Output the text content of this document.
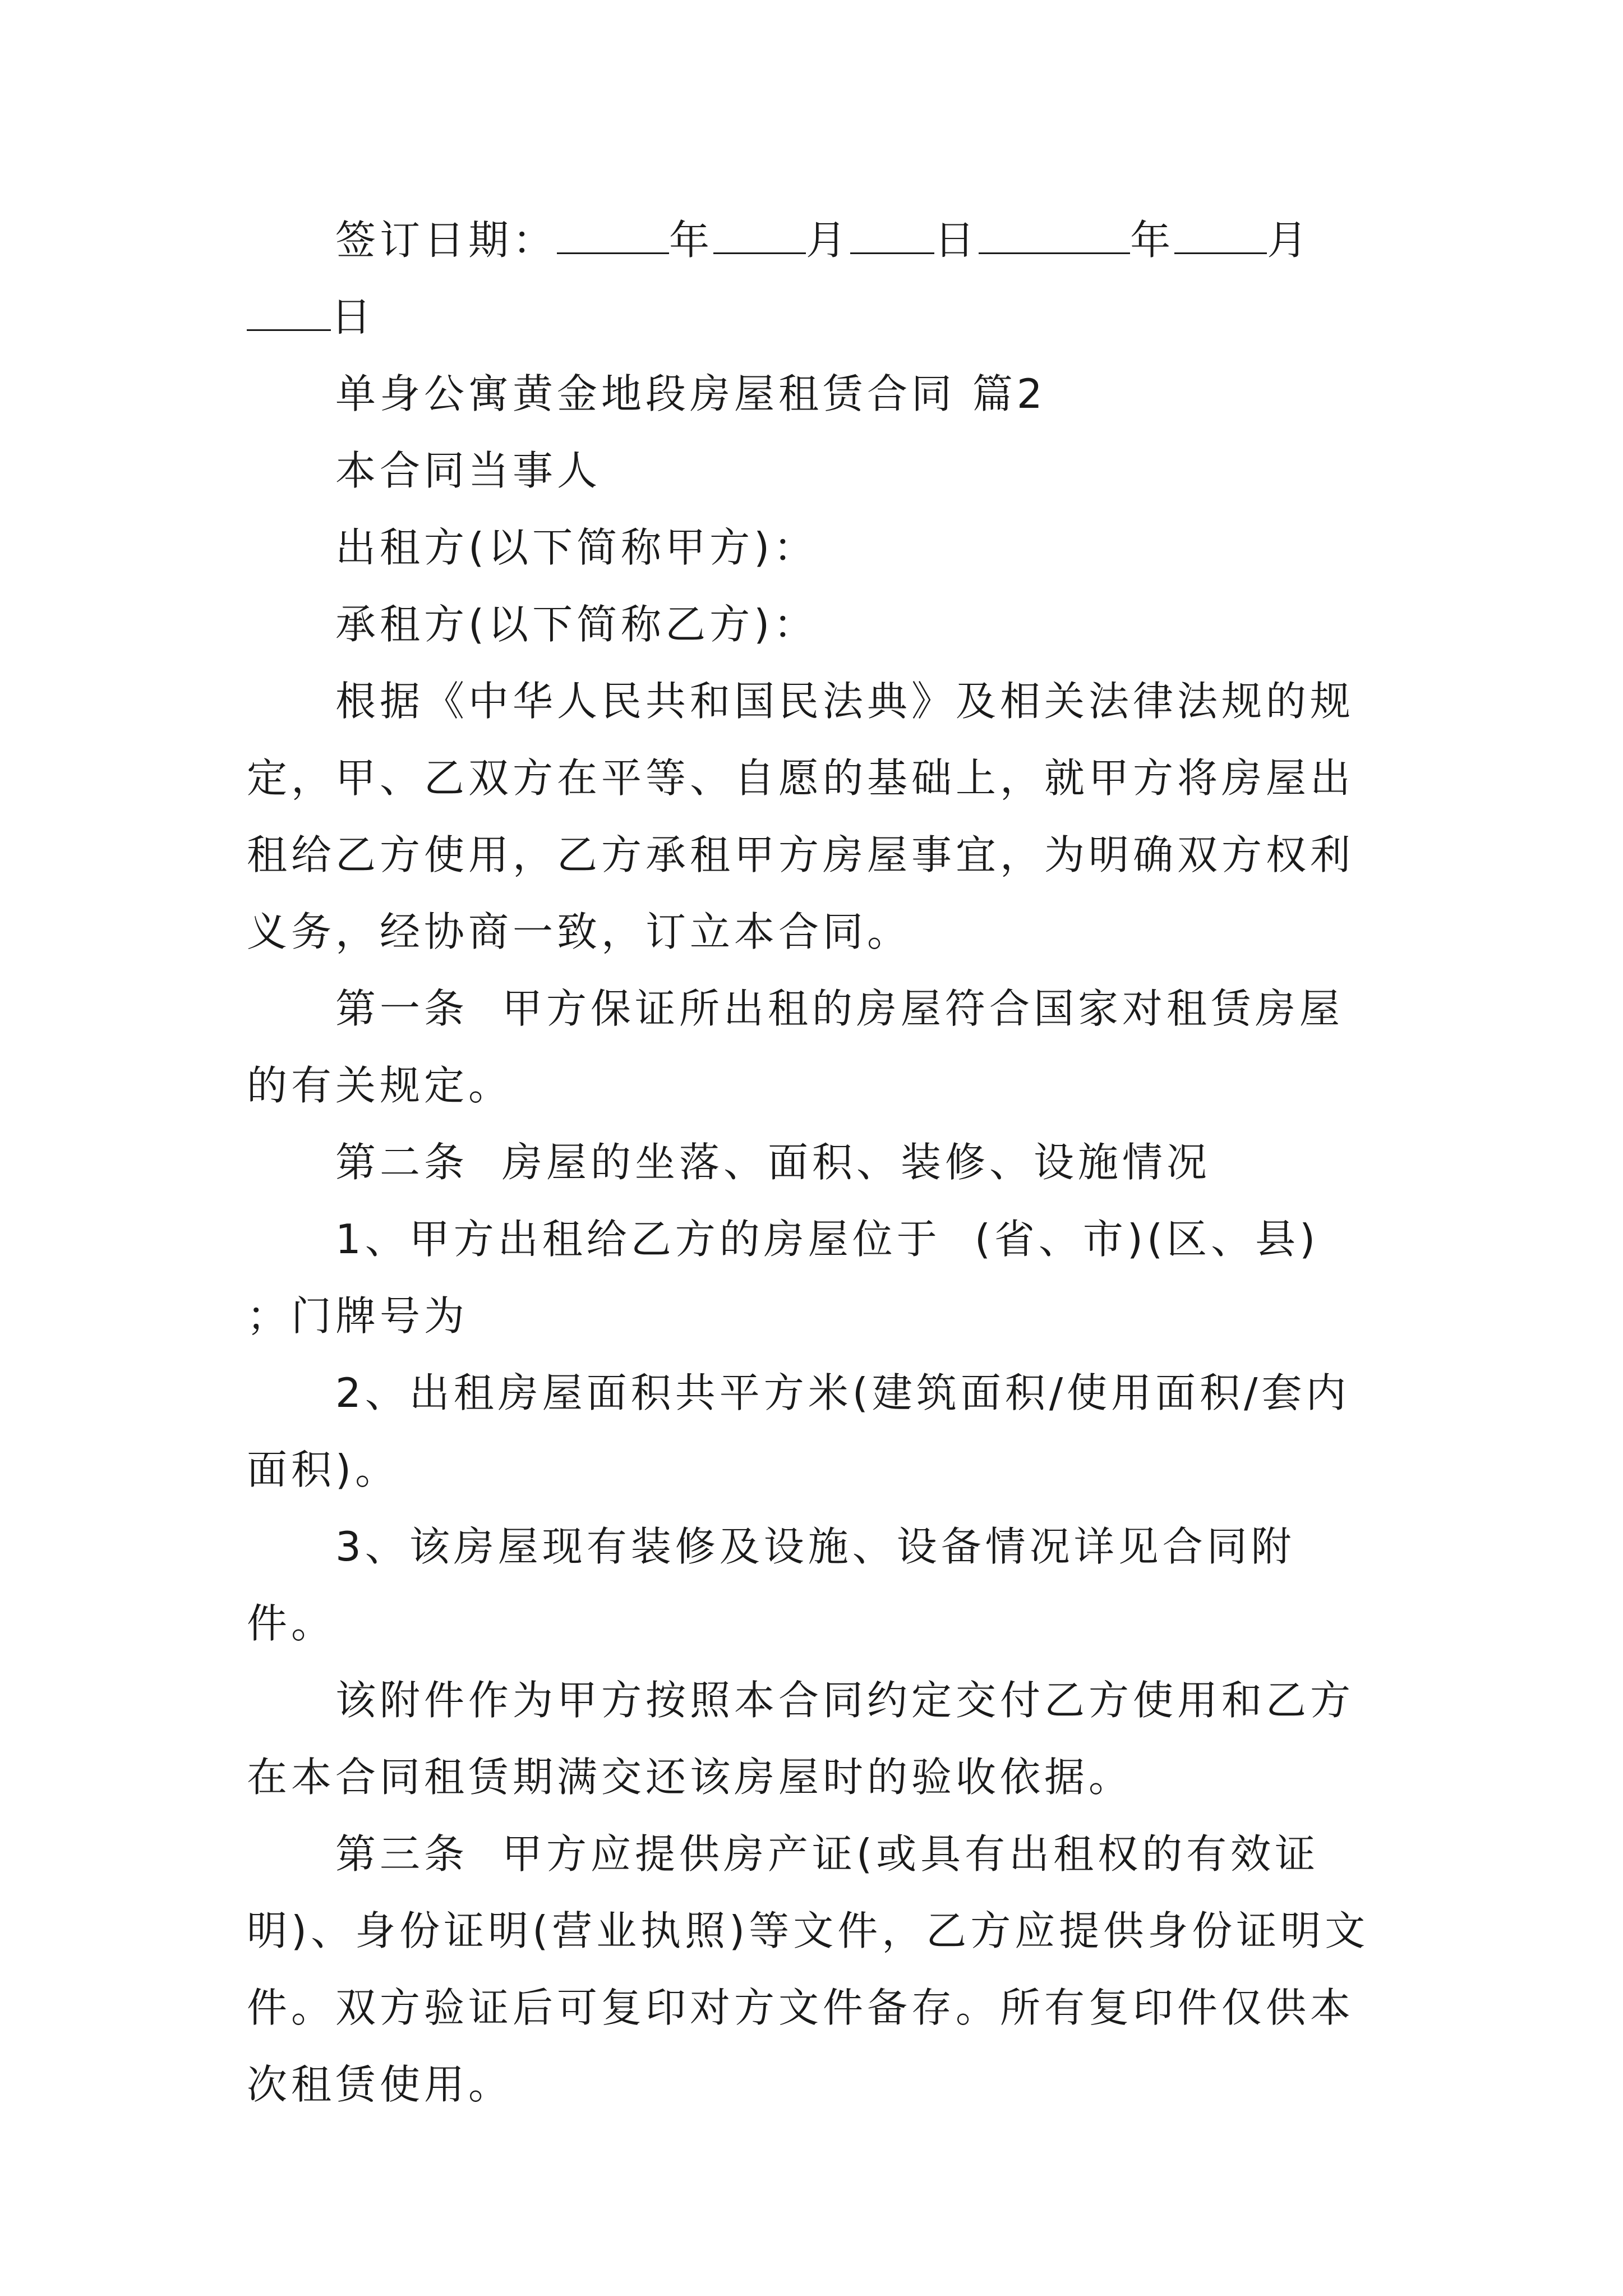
签订日期：	年 月 日	年 月日

单身公寓黄金地段房屋租赁合同 篇2

本合同当事人

出租方(以下简称甲方)：

承租方(以下简称乙方)：

根据《中华人民共和国民法典》及相关法律法规的规定，甲、乙双方在平等、自愿的基础上，就甲方将房屋出租给乙方使用，乙方承租甲方房屋事宜，为明确双方权利义务，经协商一致，订立本合同。

第一条 甲方保证所出租的房屋符合国家对租赁房屋的有关规定。

第二条 房屋的坐落、面积、装修、设施情况

1、甲方出租给乙方的房屋位于 (省、市)(区、县)；门牌号为

2、出租房屋面积共平方米(建筑面积/使用面积/套内面积)。

3、该房屋现有装修及设施、设备情况详见合同附件。

该附件作为甲方按照本合同约定交付乙方使用和乙方在本合同租赁期满交还该房屋时的验收依据。

第三条 甲方应提供房产证(或具有出租权的有效证明)、身份证明(营业执照)等文件，乙方应提供身份证明文件。双方验证后可复印对方文件备存。所有复印件仅供本次租赁使用。
